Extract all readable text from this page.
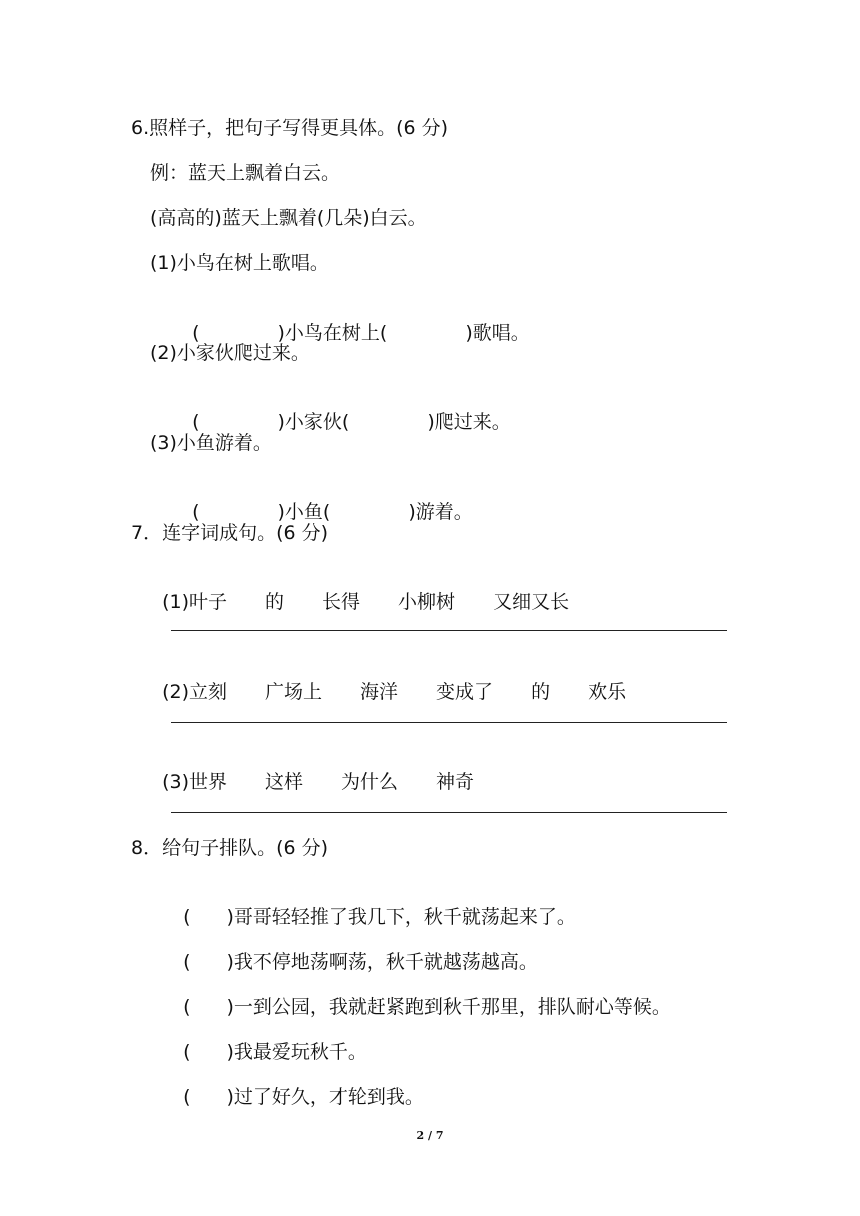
6.照样子，把句子写得更具体。(6 分)
例：蓝天上飘着白云。
(高高的)蓝天上飘着(几朵)白云。
(1)小鸟在树上歌唱。

(	)小鸟在树上(	)歌唱。

(2)小家伙爬过来。

(	)小家伙(	)爬过来。

(3)小鱼游着。

(	)小鱼(	)游着。

7．连字词成句。(6 分)

(1)叶子 的 长得 小柳树 又细又长

(2)立刻 广场上 海洋 变成了 的 欢乐

(3)世界 这样 为什么 神奇

8．给句子排队。(6 分)

( )哥哥轻轻推了我几下，秋千就荡起来了。

( )我不停地荡啊荡，秋千就越荡越高。

( )一到公园，我就赶紧跑到秋千那里，排队耐心等候。

( )我最爱玩秋千。

( )过了好久，才轮到我。

2 / 7
